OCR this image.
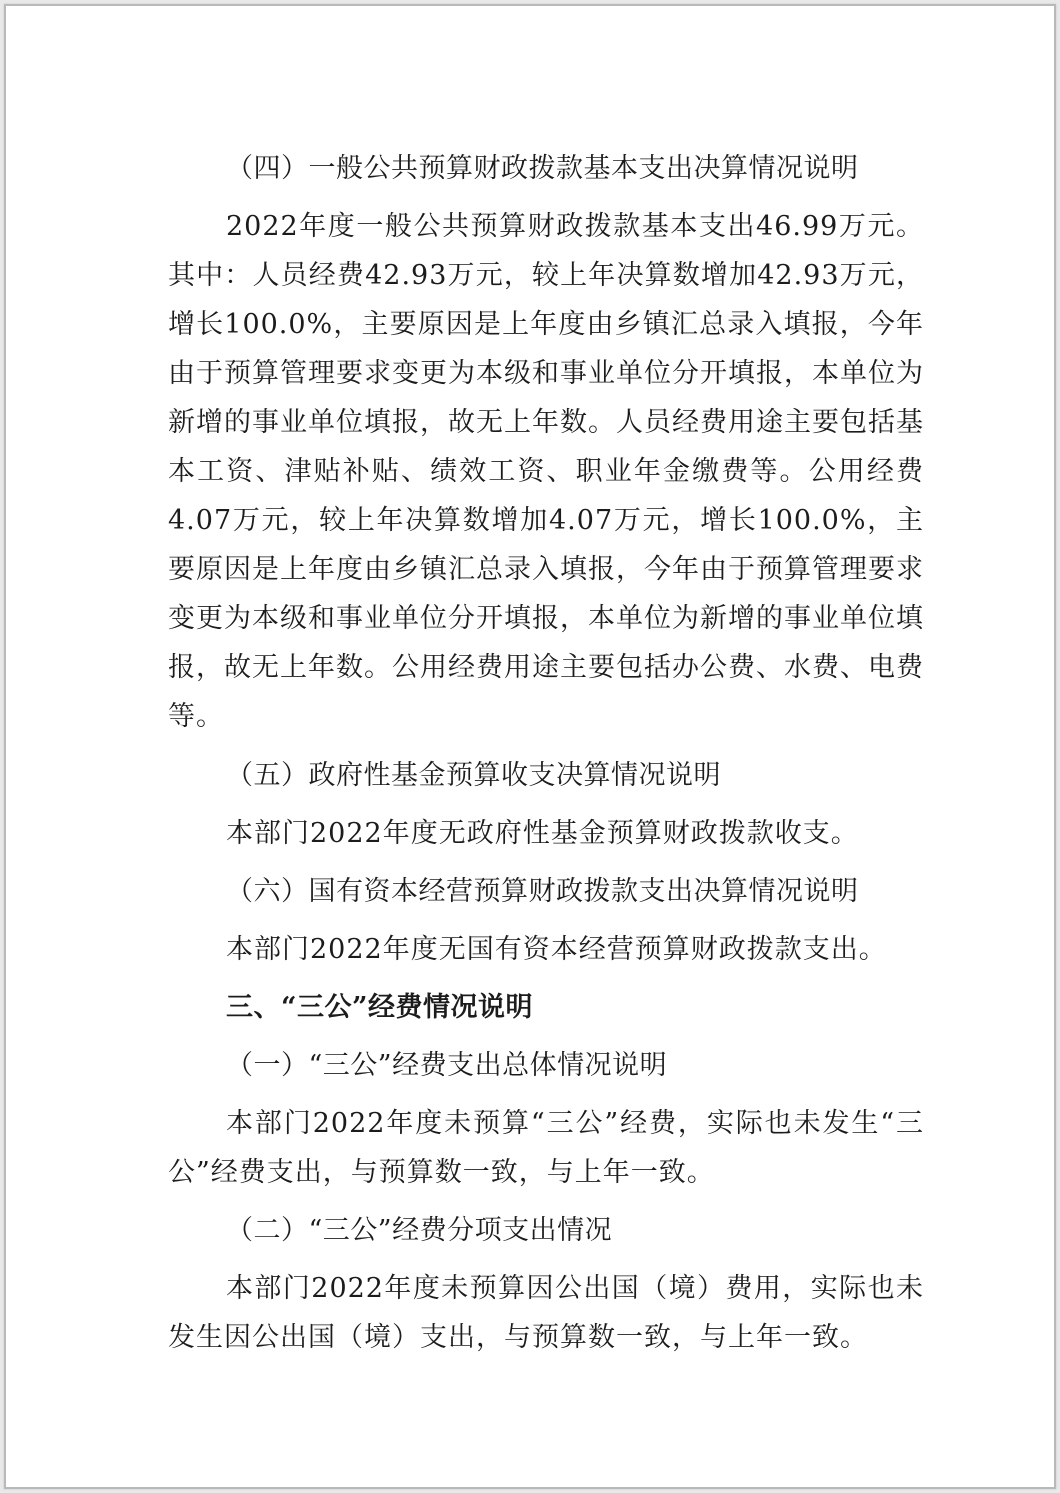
（四）一般公共预算财政拨款基本支出决算情况说明

2022年度一般公共预算财政拨款基本支出46.99万元。其中：人员经费42.93万元，较上年决算数增加42.93万元，增长100.0%，主要原因是上年度由乡镇汇总录入填报，今年由于预算管理要求变更为本级和事业单位分开填报，本单位为新增的事业单位填报，故无上年数。人员经费用途主要包括基本工资、津贴补贴、绩效工资、职业年金缴费等。公用经费4.07万元，较上年决算数增加4.07万元，增长100.0%，主要原因是上年度由乡镇汇总录入填报，今年由于预算管理要求变更为本级和事业单位分开填报，本单位为新增的事业单位填报，故无上年数。公用经费用途主要包括办公费、水费、电费等。

（五）政府性基金预算收支决算情况说明

本部门2022年度无政府性基金预算财政拨款收支。

（六）国有资本经营预算财政拨款支出决算情况说明

本部门2022年度无国有资本经营预算财政拨款支出。

三、“三公”经费情况说明

（一）“三公”经费支出总体情况说明

本部门2022年度未预算“三公”经费，实际也未发生“三公”经费支出，与预算数一致，与上年一致。

（二）“三公”经费分项支出情况

本部门2022年度未预算因公出国（境）费用，实际也未发生因公出国（境）支出，与预算数一致，与上年一致。
